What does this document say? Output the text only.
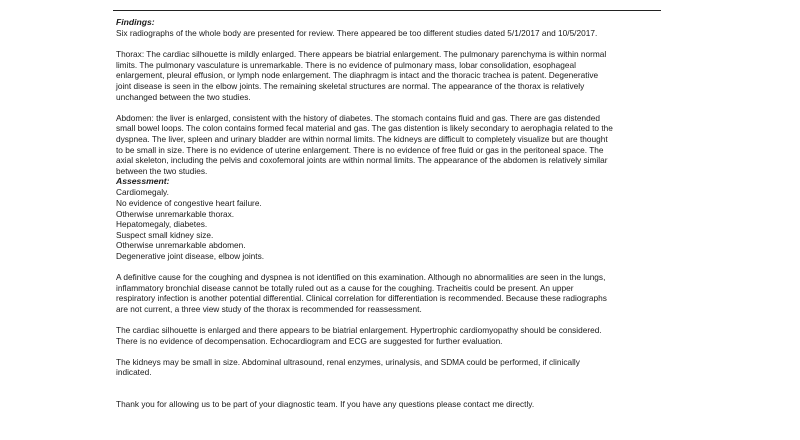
Findings:

Six radiographs of the whole body are presented for review. There appeared be too different studies dated 5/1/2017 and 10/5/2017.

Thorax: The cardiac silhouette is mildly enlarged. There appears be biatrial enlargement. The pulmonary parenchyma is within normal
limits. The pulmonary vasculature is unremarkable. There is no evidence of pulmonary mass, lobar consolidation, esophageal
enlargement, pleural effusion, or lymph node enlargement. The diaphragm is intact and the thoracic trachea is patent. Degenerative
joint disease is seen in the elbow joints. The remaining skeletal structures are normal. The appearance of the thorax is relatively
unchanged between the two studies.

Abdomen: the liver is enlarged, consistent with the history of diabetes. The stomach contains fluid and gas. There are gas distended
small bowel loops. The colon contains formed fecal material and gas. The gas distention is likely secondary to aerophagia related to the
dyspnea. The liver, spleen and urinary bladder are within normal limits. The kidneys are difficult to completely visualize but are thought
to be small in size. There is no evidence of uterine enlargement. There is no evidence of free fluid or gas in the peritoneal space. The
axial skeleton, including the pelvis and coxofemoral joints are within normal limits. The appearance of the abdomen is relatively similar
between the two studies.

Assessment:

Cardiomegaly.
No evidence of congestive heart failure.
Otherwise unremarkable thorax.
Hepatomegaly, diabetes.
Suspect small kidney size.
Otherwise unremarkable abdomen.
Degenerative joint disease, elbow joints.

A definitive cause for the coughing and dyspnea is not identified on this examination. Although no abnormalities are seen in the lungs,
inflammatory bronchial disease cannot be totally ruled out as a cause for the coughing. Tracheitis could be present. An upper
respiratory infection is another potential differential. Clinical correlation for differentiation is recommended. Because these radiographs
are not current, a three view study of the thorax is recommended for reassessment.

The cardiac silhouette is enlarged and there appears to be biatrial enlargement. Hypertrophic cardiomyopathy should be considered.
There is no evidence of decompensation. Echocardiogram and ECG are suggested for further evaluation.

The kidneys may be small in size. Abdominal ultrasound, renal enzymes, urinalysis, and SDMA could be performed, if clinically
indicated.

Thank you for allowing us to be part of your diagnostic team. If you have any questions please contact me directly.
